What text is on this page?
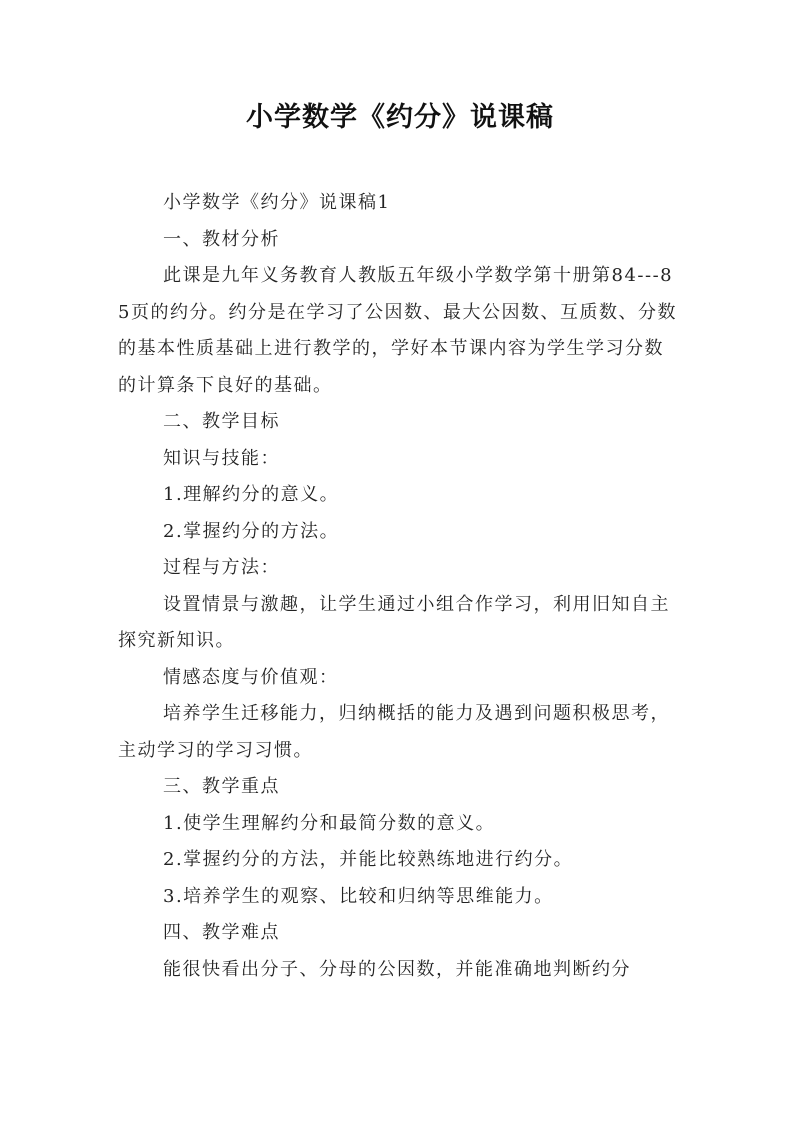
小学数学《约分》说课稿

小学数学《约分》说课稿1

一、教材分析

此课是九年义务教育人教版五年级小学数学第十册第84---85页的约分。约分是在学习了公因数、最大公因数、互质数、分数的基本性质基础上进行教学的，学好本节课内容为学生学习分数的计算条下良好的基础。

二、教学目标

知识与技能：

1.理解约分的意义。

2.掌握约分的方法。

过程与方法：

设置情景与激趣，让学生通过小组合作学习，利用旧知自主探究新知识。

情感态度与价值观：

培养学生迁移能力，归纳概括的能力及遇到问题积极思考，主动学习的学习习惯。

三、教学重点

1.使学生理解约分和最简分数的意义。

2.掌握约分的方法，并能比较熟练地进行约分。

3.培养学生的观察、比较和归纳等思维能力。

四、教学难点

能很快看出分子、分母的公因数，并能准确地判断约分
